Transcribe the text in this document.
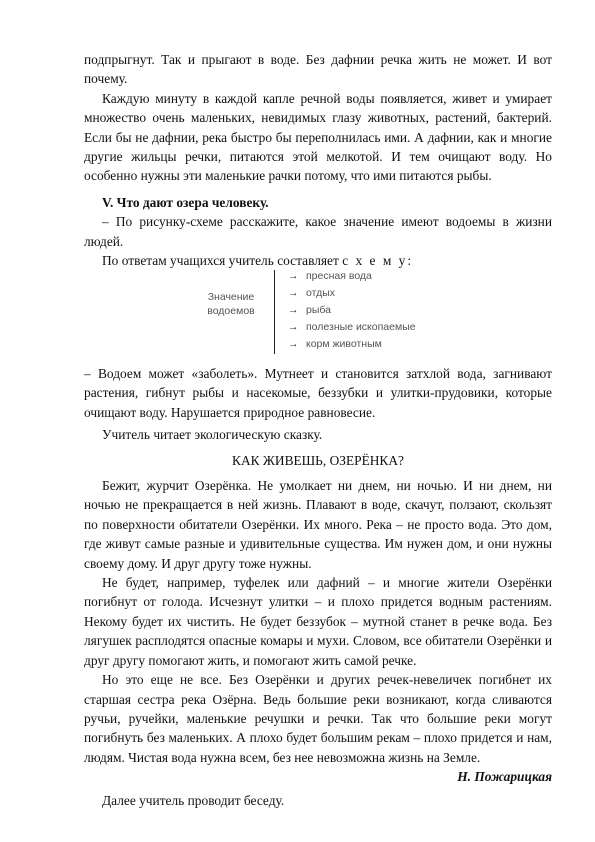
подпрыгнут. Так и прыгают в воде. Без дафнии речка жить не может. И вот почему.

Каждую минуту в каждой капле речной воды появляется, живет и умирает множество очень маленьких, невидимых глазу животных, растений, бактерий. Если бы не дафнии, река быстро бы переполнилась ими. А дафнии, как и многие другие жильцы речки, питаются этой мелкотой. И тем очищают воду. Но особенно нужны эти маленькие рачки потому, что ими питаются рыбы.

V. Что дают озера человеку.

– По рисунку-схеме расскажите, какое значение имеют водоемы в жизни людей.

По ответам учащихся учитель составляет с х е м у:

Значение
водоемов
→ пресная вода
→ отдых
→ рыба
→ полезные ископаемые
→ корм животным

– Водоем может «заболеть». Мутнеет и становится затхлой вода, загнивают растения, гибнут рыбы и насекомые, беззубки и улитки-прудовики, которые очищают воду. Нарушается природное равновесие.

Учитель читает экологическую сказку.

КАК ЖИВЕШЬ, ОЗЕРЁНКА?

Бежит, журчит Озерёнка. Не умолкает ни днем, ни ночью. И ни днем, ни ночью не прекращается в ней жизнь. Плавают в воде, скачут, ползают, скользят по поверхности обитатели Озерёнки. Их много. Река – не просто вода. Это дом, где живут самые разные и удивительные существа. Им нужен дом, и они нужны своему дому. И друг другу тоже нужны.

Не будет, например, туфелек или дафний – и многие жители Озерёнки погибнут от голода. Исчезнут улитки – и плохо придется водным растениям. Некому будет их чистить. Не будет беззубок – мутной станет в речке вода. Без лягушек расплодятся опасные комары и мухи. Словом, все обитатели Озерёнки и друг другу помогают жить, и помогают жить самой речке.

Но это еще не все. Без Озерёнки и других речек-невеличек погибнет их старшая сестра река Озёрна. Ведь большие реки возникают, когда сливаются ручьи, ручейки, маленькие речушки и речки. Так что большие реки могут погибнуть без маленьких. А плохо будет большим рекам – плохо придется и нам, людям. Чистая вода нужна всем, без нее невозможна жизнь на Земле.

Н. Пожарицкая

Далее учитель проводит беседу.
